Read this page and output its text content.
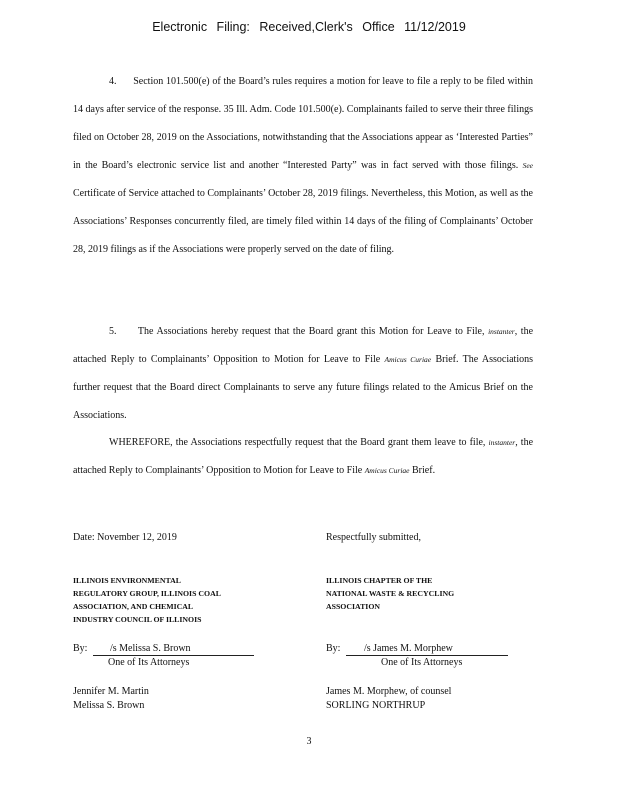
Electronic Filing: Received,Clerk's Office 11/12/2019
4. Section 101.500(e) of the Board’s rules requires a motion for leave to file a reply to be filed within 14 days after service of the response. 35 Ill. Adm. Code 101.500(e). Complainants failed to serve their three filings filed on October 28, 2019 on the Associations, notwithstanding that the Associations appear as ‘Interested Parties” in the Board’s electronic service list and another “Interested Party” was in fact served with those filings. See Certificate of Service attached to Complainants’ October 28, 2019 filings. Nevertheless, this Motion, as well as the Associations’ Responses concurrently filed, are timely filed within 14 days of the filing of Complainants’ October 28, 2019 filings as if the Associations were properly served on the date of filing.
5. The Associations hereby request that the Board grant this Motion for Leave to File, instanter, the attached Reply to Complainants’ Opposition to Motion for Leave to File Amicus Curiae Brief. The Associations further request that the Board direct Complainants to serve any future filings related to the Amicus Brief on the Associations.
WHEREFORE, the Associations respectfully request that the Board grant them leave to file, instanter, the attached Reply to Complainants’ Opposition to Motion for Leave to File Amicus Curiae Brief.
Date: November 12, 2019	Respectfully submitted,
ILLINOIS ENVIRONMENTAL
REGULATORY GROUP, ILLINOIS COAL
ASSOCIATION, AND CHEMICAL
INDUSTRY COUNCIL OF ILLINOIS
ILLINOIS CHAPTER OF THE
NATIONAL WASTE & RECYCLING
ASSOCIATION
By: /s Melissa S. Brown
One of Its Attorneys
By: /s James M. Morphew
One of Its Attorneys
Jennifer M. Martin
Melissa S. Brown
James M. Morphew, of counsel
SORLING NORTHRUP
3
